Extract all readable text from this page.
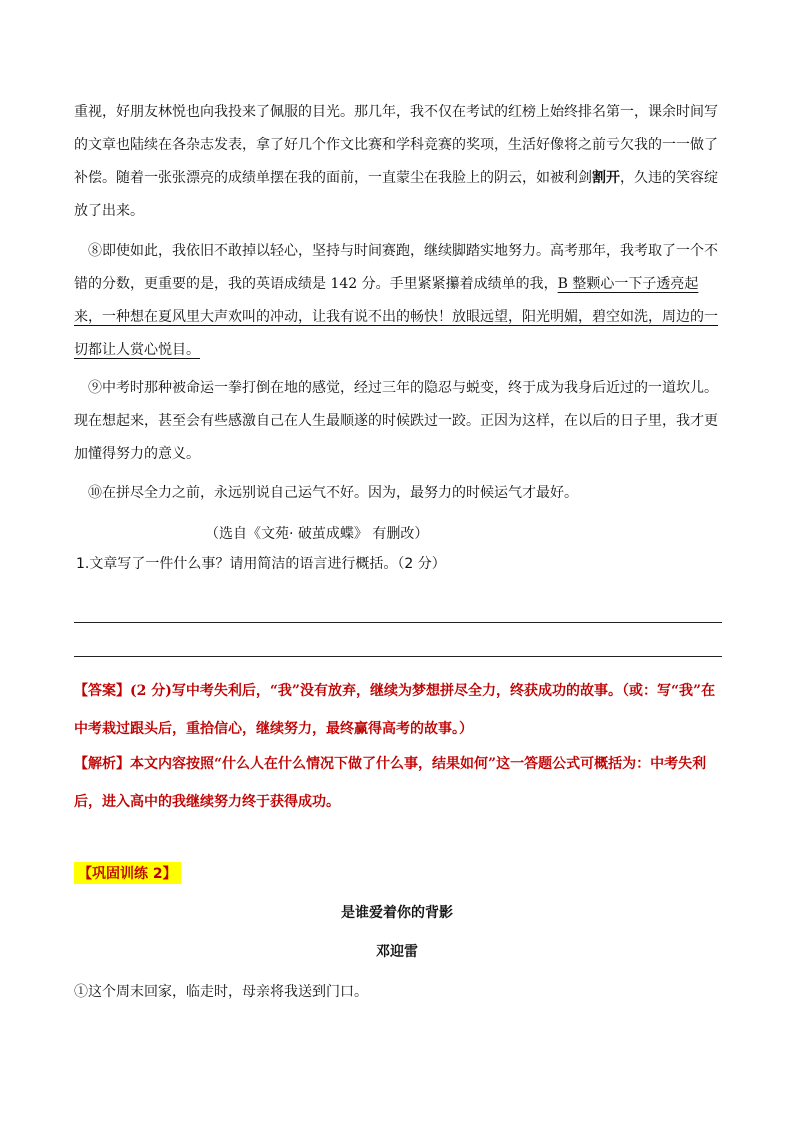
重视，好朋友林悦也向我投来了佩服的目光。那几年，我不仅在考试的红榜上始终排名第一，课余时间写的文章也陆续在各杂志发表，拿了好几个作文比赛和学科竞赛的奖项，生活好像将之前亏欠我的一一做了补偿。随着一张张漂亮的成绩单摆在我的面前，一直蒙尘在我脸上的阴云，如被利剑割开，久违的笑容绽放了出来。

⑧即使如此，我依旧不敢掉以轻心，坚持与时间赛跑，继续脚踏实地努力。高考那年，我考取了一个不错的分数，更重要的是，我的英语成绩是 142 分。手里紧紧攥着成绩单的我，B 整颗心一下子透亮起来，一种想在夏风里大声欢叫的冲动，让我有说不出的畅快！放眼远望，阳光明媚，碧空如洗，周边的一切都让人赏心悦目。

⑨中考时那种被命运一拳打倒在地的感觉，经过三年的隐忍与蜕变，终于成为我身后近过的一道坎儿。现在想起来，甚至会有些感激自己在人生最顺遂的时候跌过一跤。正因为这样，在以后的日子里，我才更加懂得努力的意义。

⑩在拼尽全力之前，永远别说自己运气不好。因为，最努力的时候运气才最好。

（选自《文苑· 破茧成蝶》 有删改）
1.文章写了一件什么事？请用简洁的语言进行概括。（2 分）

【答案】(2 分)写中考失利后，“我”没有放弃，继续为梦想拼尽全力，终获成功的故事。（或：写“我”在中考栽过跟头后，重拾信心，继续努力，最终赢得高考的故事。）

【解析】本文内容按照“什么人在什么情况下做了什么事，结果如何”这一答题公式可概括为：中考失利后，进入高中的我继续努力终于获得成功。

【巩固训练 2】
是谁爱着你的背影
邓迎雷

①这个周末回家，临走时，母亲将我送到门口。
